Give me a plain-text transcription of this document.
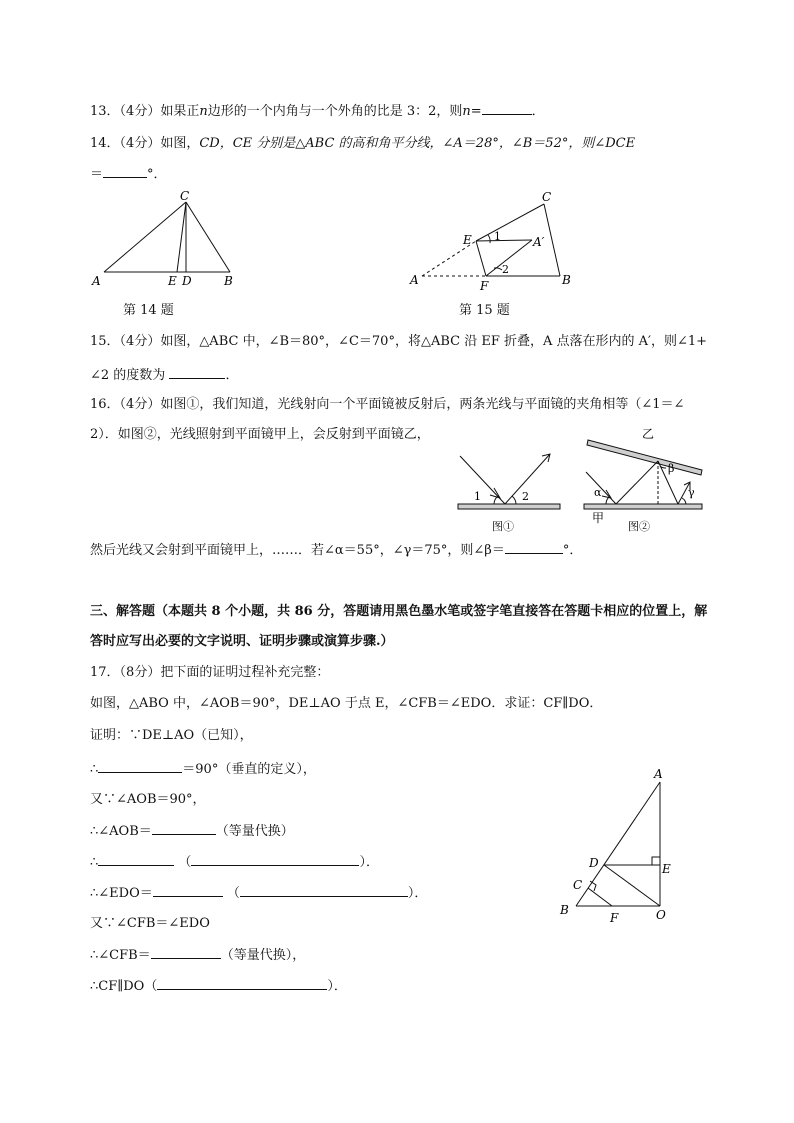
13．（4分）如果正n边形的一个内角与一个外角的比是 3：2，则n=	．
14．（4分）如图，CD，CE 分别是△ABC 的高和角平分线，∠A＝28°，∠B＝52°，则∠DCE
＝	°．
A	E D	B
C
第 14 题
A	F	B
C
E	A′
1
2
第 15 题
15．（4分）如图，△ABC 中，∠B＝80°，∠C＝70°，将△ABC 沿 EF 折叠，A 点落在形内的 A′，则∠1+
∠2 的度数为	．
16．（4分）如图①，我们知道，光线射向一个平面镜被反射后，两条光线与平面镜的夹角相等（∠1＝∠
2）．如图②，光线照射到平面镜甲上，会反射到平面镜乙，
1	2
图①
乙
甲
α
β
γ
图②
然后光线又会射到平面镜甲上，……．若∠α＝55°，∠γ＝75°，则∠β＝	°．
三、解答题（本题共 8 个小题，共 86 分，答题请用黑色墨水笔或签字笔直接答在答题卡相应的位置上，解
答时应写出必要的文字说明、证明步骤或演算步骤.）
17．（8分）把下面的证明过程补充完整：
如图，△ABO 中，∠AOB＝90°，DE⊥AO 于点 E，∠CFB＝∠EDO．求证：CF∥DO．
证明：∵DE⊥AO（已知），
∴	＝90°（垂直的定义），
又∵∠AOB＝90°，
∴∠AOB＝	（等量代换）
∴	（	）．
∴∠EDO＝	（	）．
又∵∠CFB＝∠EDO
∴∠CFB＝	（等量代换），
∴CF∥DO（	）．
A
D	E
C
B
F	O
